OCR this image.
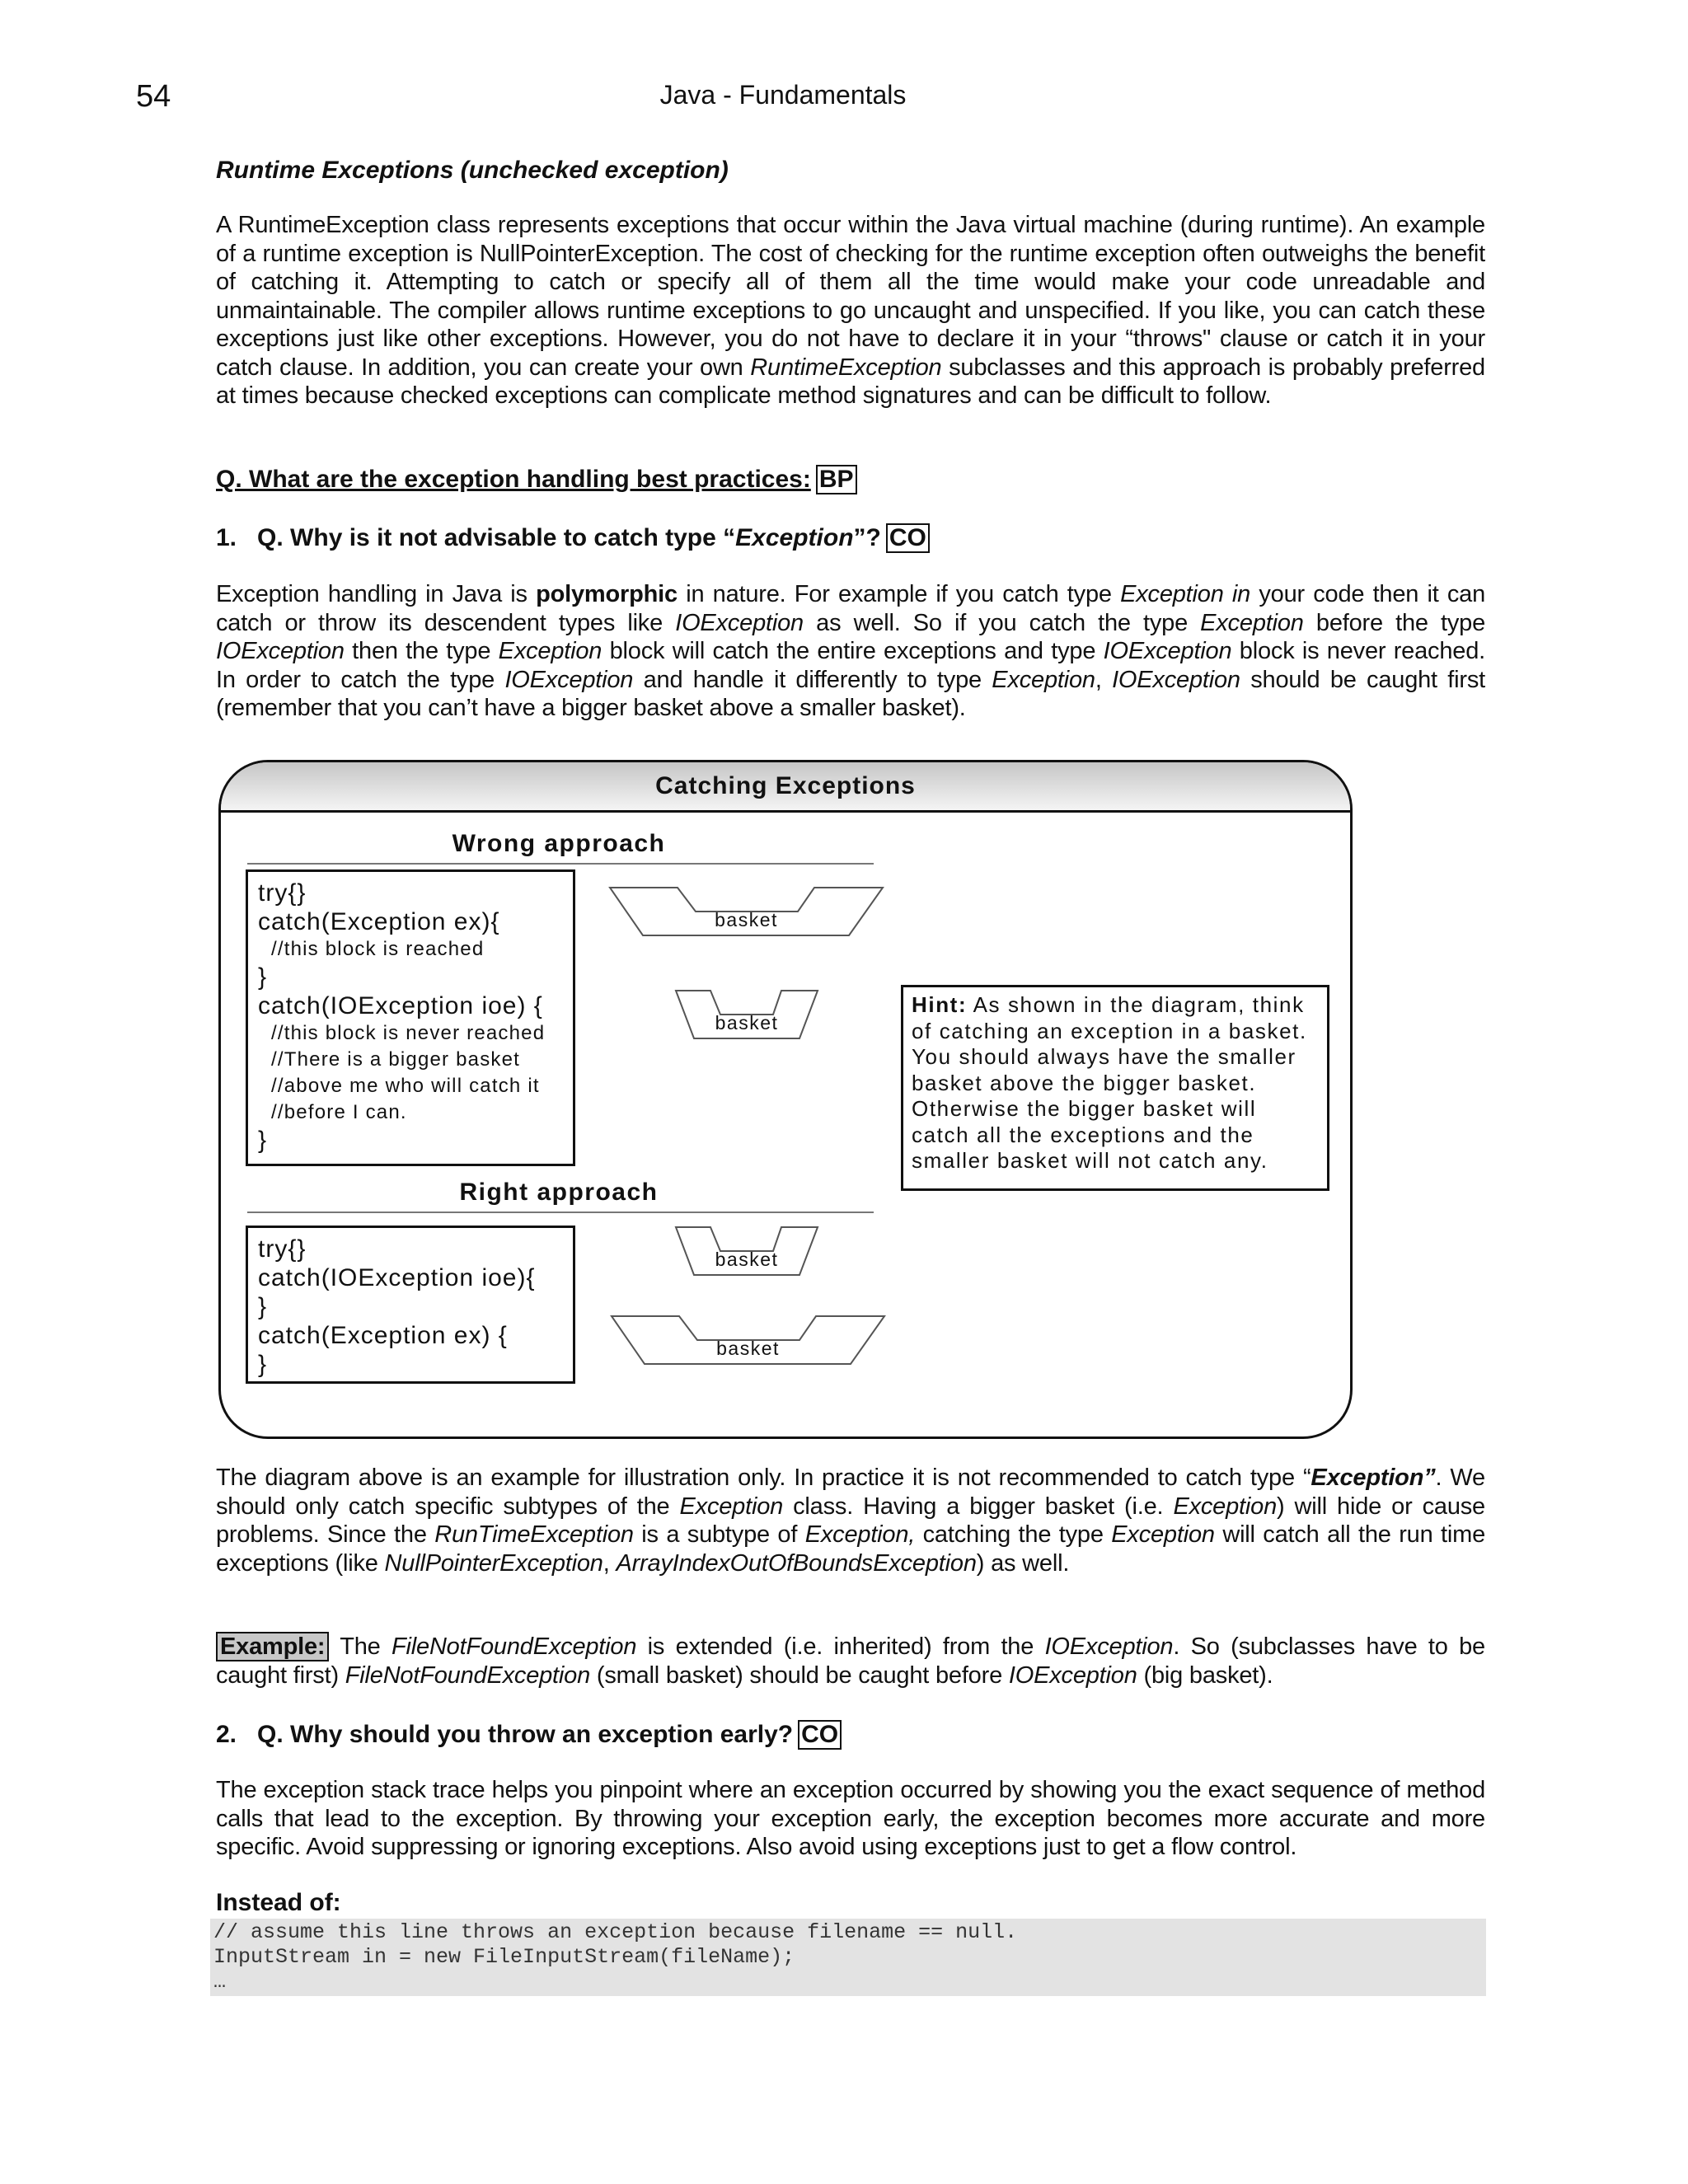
54	Java - Fundamentals
Runtime Exceptions (unchecked exception)

A RuntimeException class represents exceptions that occur within the Java virtual machine (during runtime). An example of a runtime exception is NullPointerException. The cost of checking for the runtime exception often outweighs the benefit of catching it. Attempting to catch or specify all of them all the time would make your code unreadable and unmaintainable. The compiler allows runtime exceptions to go uncaught and unspecified. If you like, you can catch these exceptions just like other exceptions. However, you do not have to declare it in your “throws" clause or catch it in your catch clause. In addition, you can create your own RuntimeException subclasses and this approach is probably preferred at times because checked exceptions can complicate method signatures and can be difficult to follow.

Q. What are the exception handling best practices: BP
1. Q. Why is it not advisable to catch type “Exception”? CO

Exception handling in Java is polymorphic in nature. For example if you catch type Exception in your code then it can catch or throw its descendent types like IOException as well. So if you catch the type Exception before the type IOException then the type Exception block will catch the entire exceptions and type IOException block is never reached. In order to catch the type IOException and handle it differently to type Exception, IOException should be caught first (remember that you can’t have a bigger basket above a smaller basket).

Catching Exceptions
Wrong approach
try{}
catch(Exception ex){
//this block is reached
}
catch(IOException ioe) {
//this block is never reached
//There is a bigger basket
//above me who will catch it
//before I can.
}
basket
basket
Hint: As shown in the diagram, think of catching an exception in a basket. You should always have the smaller basket above the bigger basket. Otherwise the bigger basket will catch all the exceptions and the smaller basket will not catch any.
Right approach
try{}
catch(IOException ioe){
}
catch(Exception ex) {
}
basket
basket

The diagram above is an example for illustration only. In practice it is not recommended to catch type “Exception”. We should only catch specific subtypes of the Exception class. Having a bigger basket (i.e. Exception) will hide or cause problems. Since the RunTimeException is a subtype of Exception, catching the type Exception will catch all the run time exceptions (like NullPointerException, ArrayIndexOutOfBoundsException) as well.

Example: The FileNotFoundException is extended (i.e. inherited) from the IOException. So (subclasses have to be caught first) FileNotFoundException (small basket) should be caught before IOException (big basket).

2. Q. Why should you throw an exception early? CO

The exception stack trace helps you pinpoint where an exception occurred by showing you the exact sequence of method calls that lead to the exception. By throwing your exception early, the exception becomes more accurate and more specific. Avoid suppressing or ignoring exceptions. Also avoid using exceptions just to get a flow control.

Instead of:
// assume this line throws an exception because filename == null.
InputStream in = new FileInputStream(fileName);
…
